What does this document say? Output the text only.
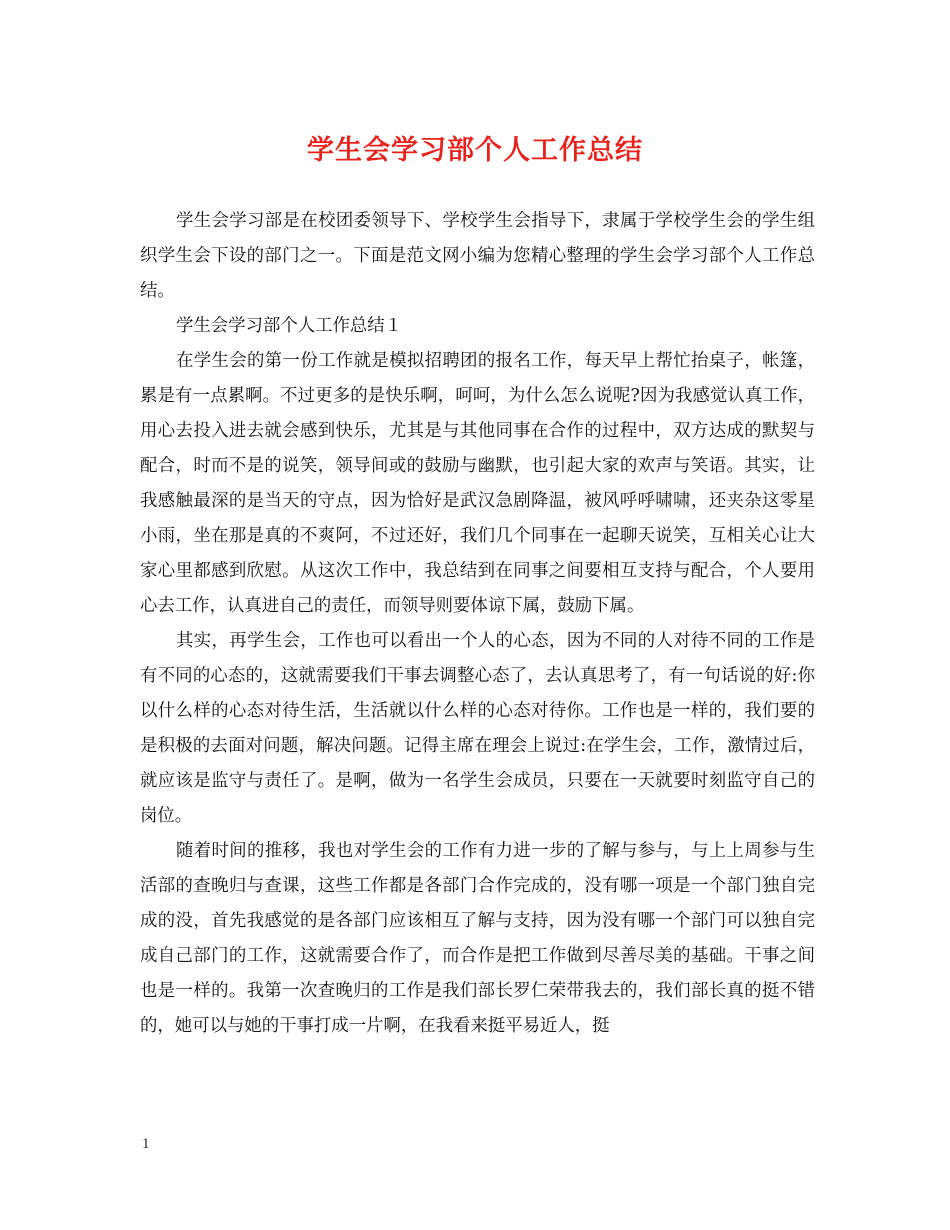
学生会学习部个人工作总结

学生会学习部是在校团委领导下、学校学生会指导下，隶属于学校学生会的学生组织学生会下设的部门之一。下面是范文网小编为您精心整理的学生会学习部个人工作总结。

学生会学习部个人工作总结１

在学生会的第一份工作就是模拟招聘团的报名工作，每天早上帮忙抬桌子，帐篷，累是有一点累啊。不过更多的是快乐啊，呵呵，为什么怎么说呢?因为我感觉认真工作，用心去投入进去就会感到快乐，尤其是与其他同事在合作的过程中，双方达成的默契与配合，时而不是的说笑，领导间或的鼓励与幽默，也引起大家的欢声与笑语。其实，让我感触最深的是当天的守点，因为恰好是武汉急剧降温，被风呼呼啸啸，还夹杂这零星小雨，坐在那是真的不爽阿，不过还好，我们几个同事在一起聊天说笑，互相关心让大家心里都感到欣慰。从这次工作中，我总结到在同事之间要相互支持与配合，个人要用心去工作，认真进自己的责任，而领导则要体谅下属，鼓励下属。

其实，再学生会，工作也可以看出一个人的心态，因为不同的人对待不同的工作是有不同的心态的，这就需要我们干事去调整心态了，去认真思考了，有一句话说的好:你以什么样的心态对待生活，生活就以什么样的心态对待你。工作也是一样的，我们要的是积极的去面对问题，解决问题。记得主席在理会上说过:在学生会，工作，激情过后，就应该是监守与责任了。是啊，做为一名学生会成员，只要在一天就要时刻监守自己的岗位。

随着时间的推移，我也对学生会的工作有力进一步的了解与参与，与上上周参与生活部的查晚归与查课，这些工作都是各部门合作完成的，没有哪一项是一个部门独自完成的没，首先我感觉的是各部门应该相互了解与支持，因为没有哪一个部门可以独自完成自己部门的工作，这就需要合作了，而合作是把工作做到尽善尽美的基础。干事之间也是一样的。我第一次查晚归的工作是我们部长罗仁荣带我去的，我们部长真的挺不错的，她可以与她的干事打成一片啊，在我看来挺平易近人，挺

1
